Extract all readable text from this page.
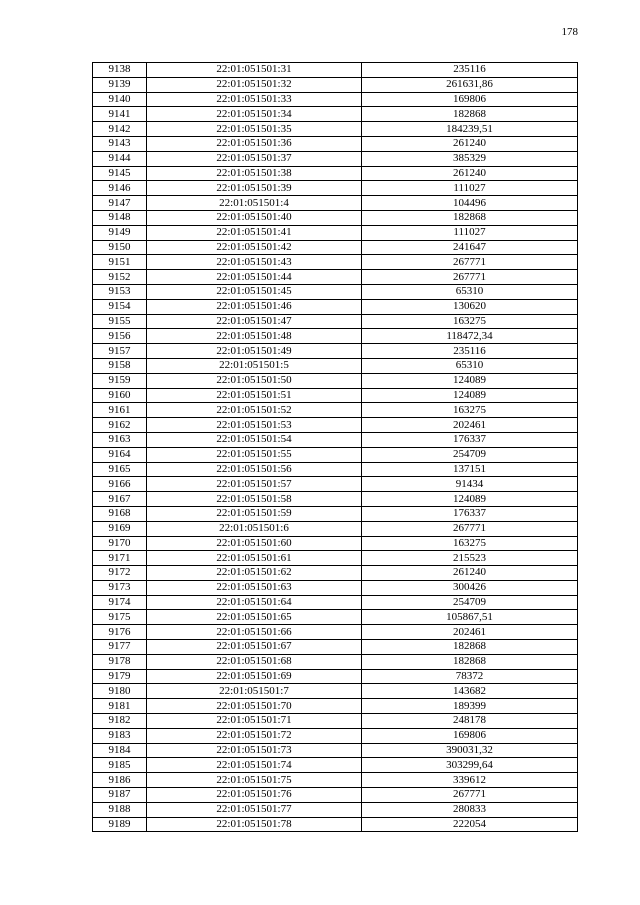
178
9138	22:01:051501:31	235116
9139	22:01:051501:32	261631,86
9140	22:01:051501:33	169806
9141	22:01:051501:34	182868
9142	22:01:051501:35	184239,51
9143	22:01:051501:36	261240
9144	22:01:051501:37	385329
9145	22:01:051501:38	261240
9146	22:01:051501:39	111027
9147	22:01:051501:4	104496
9148	22:01:051501:40	182868
9149	22:01:051501:41	111027
9150	22:01:051501:42	241647
9151	22:01:051501:43	267771
9152	22:01:051501:44	267771
9153	22:01:051501:45	65310
9154	22:01:051501:46	130620
9155	22:01:051501:47	163275
9156	22:01:051501:48	118472,34
9157	22:01:051501:49	235116
9158	22:01:051501:5	65310
9159	22:01:051501:50	124089
9160	22:01:051501:51	124089
9161	22:01:051501:52	163275
9162	22:01:051501:53	202461
9163	22:01:051501:54	176337
9164	22:01:051501:55	254709
9165	22:01:051501:56	137151
9166	22:01:051501:57	91434
9167	22:01:051501:58	124089
9168	22:01:051501:59	176337
9169	22:01:051501:6	267771
9170	22:01:051501:60	163275
9171	22:01:051501:61	215523
9172	22:01:051501:62	261240
9173	22:01:051501:63	300426
9174	22:01:051501:64	254709
9175	22:01:051501:65	105867,51
9176	22:01:051501:66	202461
9177	22:01:051501:67	182868
9178	22:01:051501:68	182868
9179	22:01:051501:69	78372
9180	22:01:051501:7	143682
9181	22:01:051501:70	189399
9182	22:01:051501:71	248178
9183	22:01:051501:72	169806
9184	22:01:051501:73	390031,32
9185	22:01:051501:74	303299,64
9186	22:01:051501:75	339612
9187	22:01:051501:76	267771
9188	22:01:051501:77	280833
9189	22:01:051501:78	222054
